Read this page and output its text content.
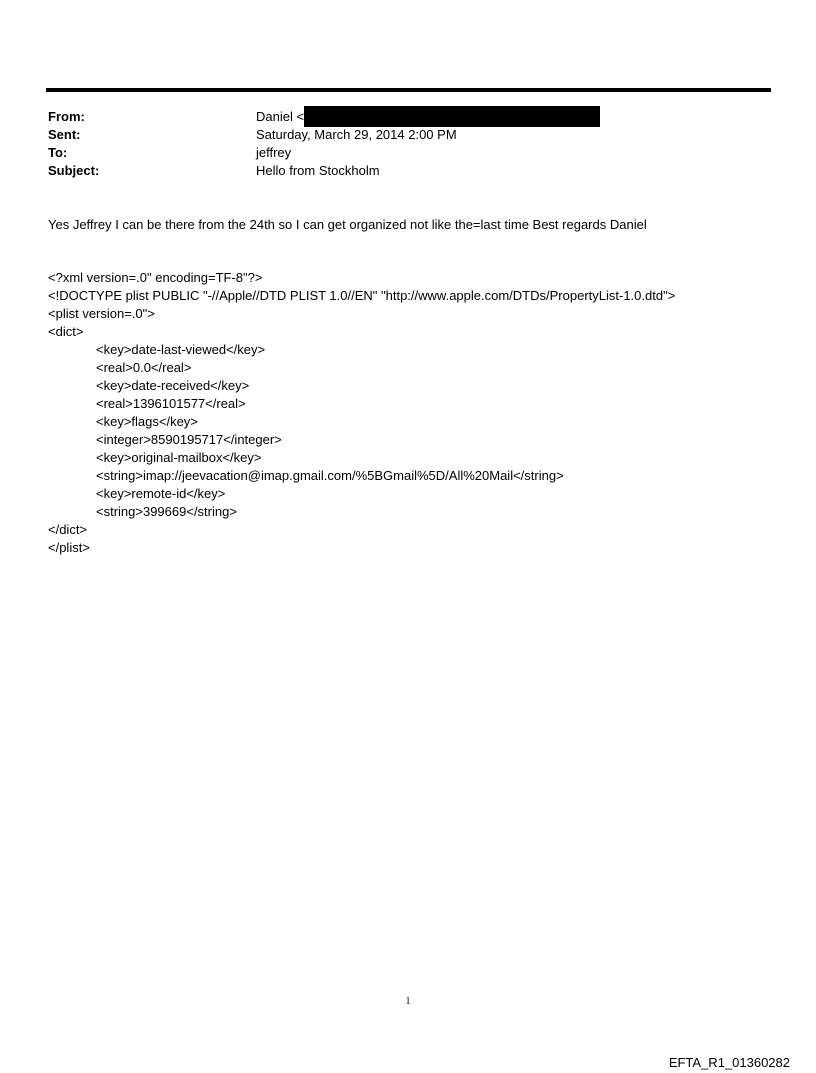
From:	Daniel <
Sent:	Saturday, March 29, 2014 2:00 PM
To:	jeffrey
Subject:	Hello from Stockholm
Yes Jeffrey I can be there from the 24th so I can get organized not like the=last time Best regards Daniel
<?xml version=.0" encoding=TF-8"?>
<!DOCTYPE plist PUBLIC "-//Apple//DTD PLIST 1.0//EN" "http://www.apple.com/DTDs/PropertyList-1.0.dtd">
<plist version=.0">
<dict>
<key>date-last-viewed</key>
<real>0.0</real>
<key>date-received</key>
<real>1396101577</real>
<key>flags</key>
<integer>8590195717</integer>
<key>original-mailbox</key>
<string>imap://jeevacation@imap.gmail.com/%5BGmail%5D/All%20Mail</string>
<key>remote-id</key>
<string>399669</string>
</dict>
</plist>
1
EFTA_R1_01360282
